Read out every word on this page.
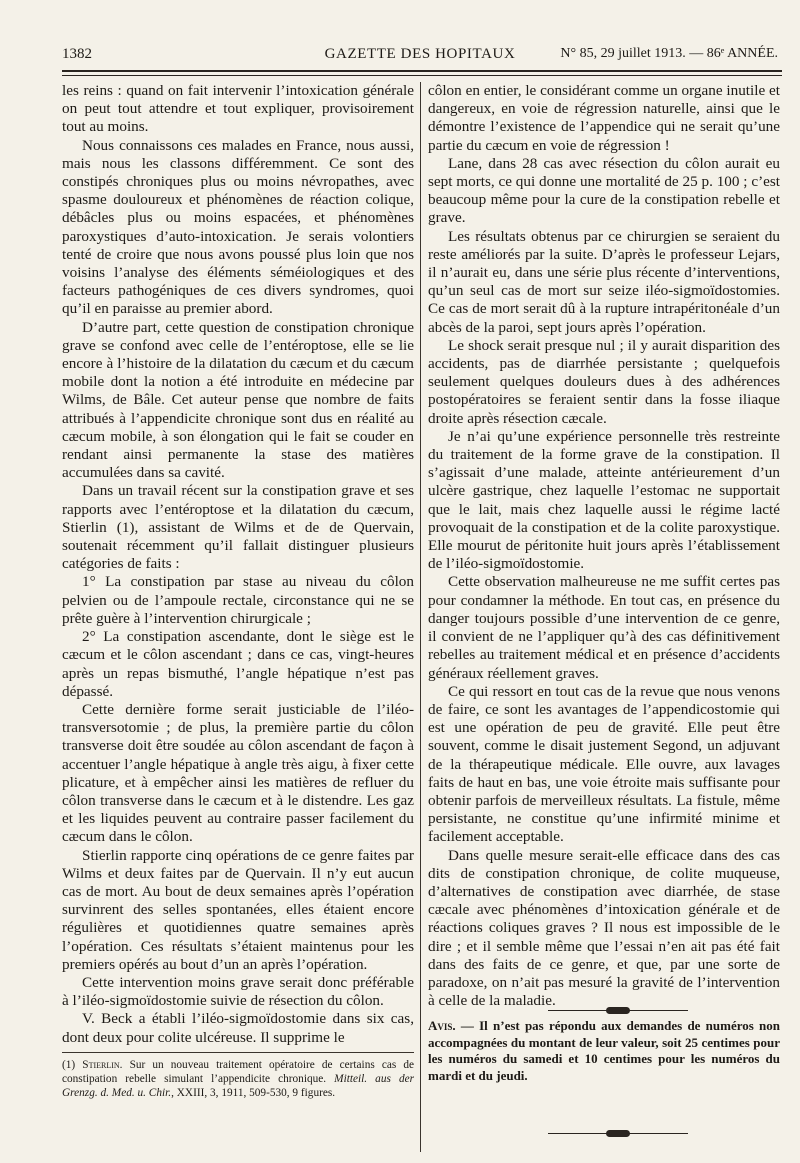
1382	GAZETTE DES HOPITAUX	N° 85, 29 juillet 1913. — 86ᵉ ANNÉE.

les reins : quand on fait intervenir l’intoxication générale on peut tout attendre et tout expliquer, provisoirement tout au moins.

Nous connaissons ces malades en France, nous aussi, mais nous les classons différemment. Ce sont des constipés chroniques plus ou moins névropathes, avec spasme douloureux et phénomènes de réaction colique, débâcles plus ou moins espacées, et phénomènes paroxystiques d’auto-intoxication. Je serais volontiers tenté de croire que nous avons poussé plus loin que nos voisins l’analyse des éléments séméiologiques et des facteurs pathogéniques de ces divers syndromes, quoi qu’il en paraisse au premier abord.

D’autre part, cette question de constipation chronique grave se confond avec celle de l’entéroptose, elle se lie encore à l’histoire de la dilatation du cæcum et du cæcum mobile dont la notion a été introduite en médecine par Wilms, de Bâle. Cet auteur pense que nombre de faits attribués à l’appendicite chronique sont dus en réalité au cæcum mobile, à son élongation qui le fait se couder en rendant ainsi permanente la stase des matières accumulées dans sa cavité.

Dans un travail récent sur la constipation grave et ses rapports avec l’entéroptose et la dilatation du cæcum, Stierlin (1), assistant de Wilms et de de Quervain, soutenait récemment qu’il fallait distinguer plusieurs catégories de faits :

1° La constipation par stase au niveau du côlon pelvien ou de l’ampoule rectale, circonstance qui ne se prête guère à l’intervention chirurgicale ;

2° La constipation ascendante, dont le siège est le cæcum et le côlon ascendant ; dans ce cas, vingt-heures après un repas bismuthé, l’angle hépatique n’est pas dépassé.

Cette dernière forme serait justiciable de l’iléo-transversotomie ; de plus, la première partie du côlon transverse doit être soudée au côlon ascendant de façon à accentuer l’angle hépatique à angle très aigu, à fixer cette plicature, et à empêcher ainsi les matières de refluer du côlon transverse dans le cæcum et à le distendre. Les gaz et les liquides peuvent au contraire passer facilement du cæcum dans le côlon.

Stierlin rapporte cinq opérations de ce genre faites par Wilms et deux faites par de Quervain. Il n’y eut aucun cas de mort. Au bout de deux semaines après l’opération survinrent des selles spontanées, elles étaient encore régulières et quotidiennes quatre semaines après l’opération. Ces résultats s’étaient maintenus pour les premiers opérés au bout d’un an après l’opération.

Cette intervention moins grave serait donc préférable à l’iléo-sigmoïdostomie suivie de résection du côlon.

V. Beck a établi l’iléo-sigmoïdostomie dans six cas, dont deux pour colite ulcéreuse. Il supprime le

(1) Stierlin. Sur un nouveau traitement opératoire de certains cas de constipation rebelle simulant l’appendicite chronique. Mitteil. aus der Grenzg. d. Med. u. Chir., XXIII, 3, 1911, 509-530, 9 figures.

côlon en entier, le considérant comme un organe inutile et dangereux, en voie de régression naturelle, ainsi que le démontre l’existence de l’appendice qui ne serait qu’une partie du cæcum en voie de régression !

Lane, dans 28 cas avec résection du côlon aurait eu sept morts, ce qui donne une mortalité de 25 p. 100 ; c’est beaucoup même pour la cure de la constipation rebelle et grave.

Les résultats obtenus par ce chirurgien se seraient du reste améliorés par la suite. D’après le professeur Lejars, il n’aurait eu, dans une série plus récente d’interventions, qu’un seul cas de mort sur seize iléo-sigmoïdostomies. Ce cas de mort serait dû à la rupture intrapéritonéale d’un abcès de la paroi, sept jours après l’opération.

Le shock serait presque nul ; il y aurait disparition des accidents, pas de diarrhée persistante ; quelquefois seulement quelques douleurs dues à des adhérences postopératoires se feraient sentir dans la fosse iliaque droite après résection cæcale.

Je n’ai qu’une expérience personnelle très restreinte du traitement de la forme grave de la constipation. Il s’agissait d’une malade, atteinte antérieurement d’un ulcère gastrique, chez laquelle l’estomac ne supportait que le lait, mais chez laquelle aussi le régime lacté provoquait de la constipation et de la colite paroxystique. Elle mourut de péritonite huit jours après l’établissement de l’iléo-sigmoïdostomie.

Cette observation malheureuse ne me suffit certes pas pour condamner la méthode. En tout cas, en présence du danger toujours possible d’une intervention de ce genre, il convient de ne l’appliquer qu’à des cas définitivement rebelles au traitement médical et en présence d’accidents généraux réellement graves.

Ce qui ressort en tout cas de la revue que nous venons de faire, ce sont les avantages de l’appendicostomie qui est une opération de peu de gravité. Elle peut être souvent, comme le disait justement Segond, un adjuvant de la thérapeutique médicale. Elle ouvre, aux lavages faits de haut en bas, une voie étroite mais suffisante pour obtenir parfois de merveilleux résultats. La fistule, même persistante, ne constitue qu’une infirmité minime et facilement acceptable.

Dans quelle mesure serait-elle efficace dans des cas dits de constipation chronique, de colite muqueuse, d’alternatives de constipation avec diarrhée, de stase cæcale avec phénomènes d’intoxication générale et de réactions coliques graves ? Il nous est impossible de le dire ; et il semble même que l’essai n’en ait pas été fait dans des faits de ce genre, et que, par une sorte de paradoxe, on n’ait pas mesuré la gravité de l’intervention à celle de la maladie.

Avis. — Il n’est pas répondu aux demandes de numéros non accompagnées du montant de leur valeur, soit 25 centimes pour les numéros du samedi et 10 centimes pour les numéros du mardi et du jeudi.
